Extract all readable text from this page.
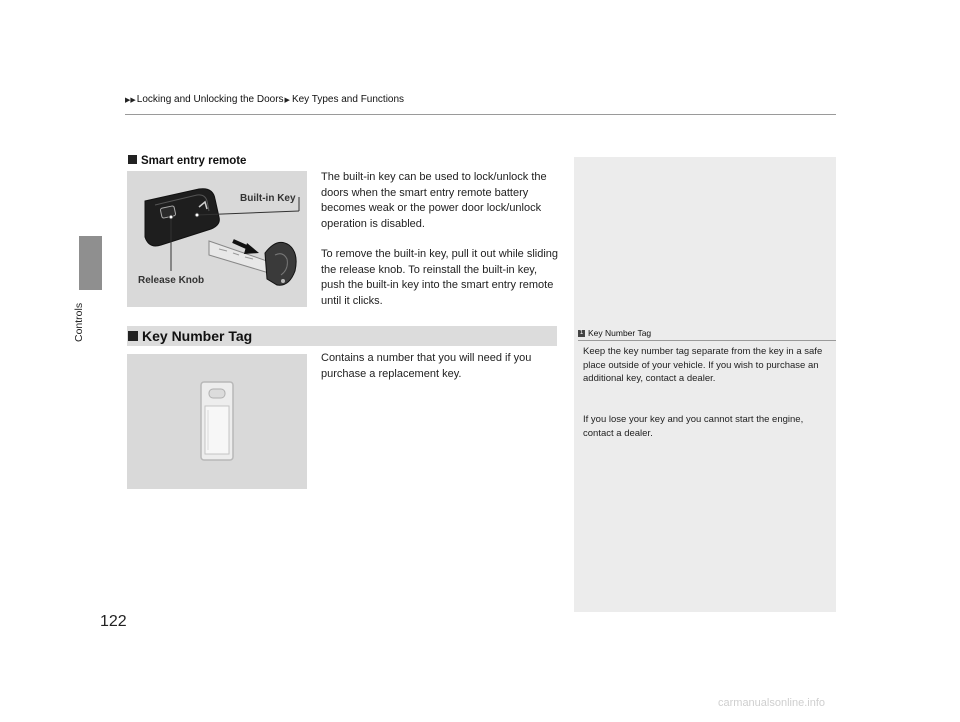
Controls
▶▶ Locking and Unlocking the Doors ▶ Key Types and Functions
Smart entry remote
Built-in Key
Release Knob
The built-in key can be used to lock/unlock the doors when the smart entry remote battery becomes weak or the power door lock/unlock operation is disabled.
To remove the built-in key, pull it out while sliding the release knob. To reinstall the built-in key, push the built-in key into the smart entry remote until it clicks.
Key Number Tag
Contains a number that you will need if you purchase a replacement key.
1 Key Number Tag
Keep the key number tag separate from the key in a safe place outside of your vehicle. If you wish to purchase an additional key, contact a dealer.
If you lose your key and you cannot start the engine, contact a dealer.
122
carmanualsonline.info
